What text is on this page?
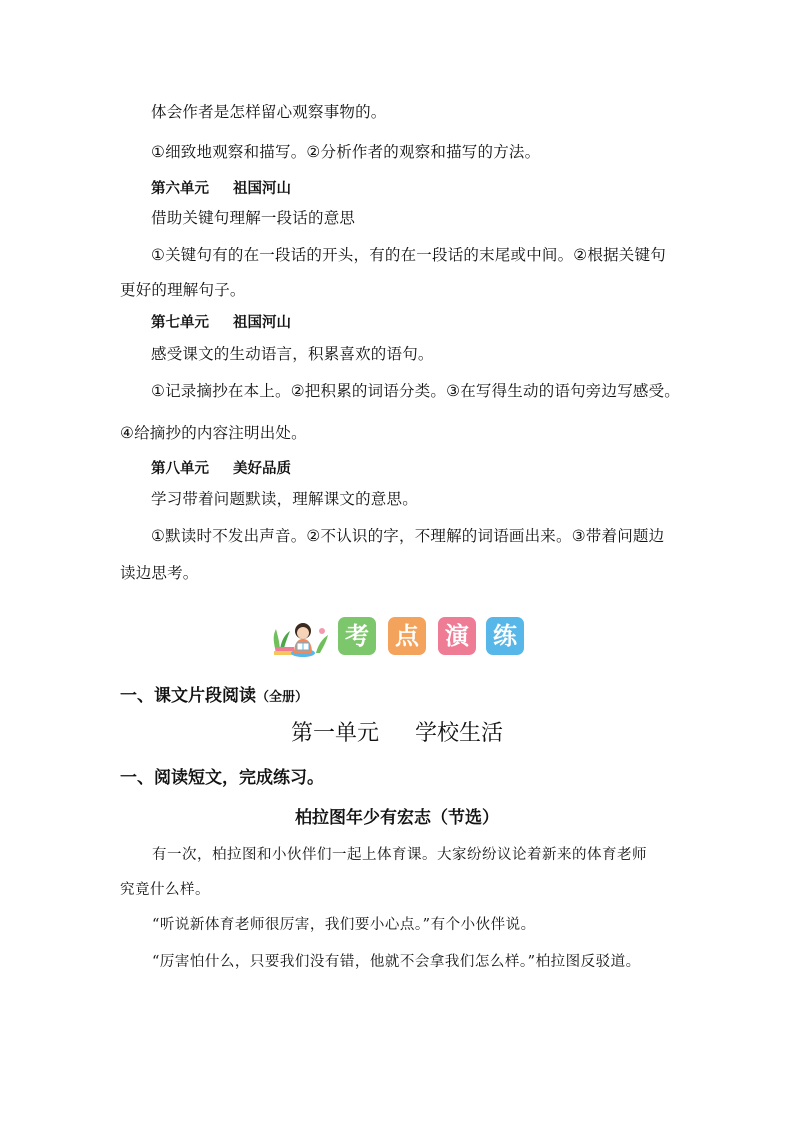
体会作者是怎样留心观察事物的。
①细致地观察和描写。②分析作者的观察和描写的方法。
第六单元 祖国河山
借助关键句理解一段话的意思
①关键句有的在一段话的开头，有的在一段话的末尾或中间。②根据关键句
更好的理解句子。
第七单元 祖国河山
感受课文的生动语言，积累喜欢的语句。
①记录摘抄在本上。②把积累的词语分类。③在写得生动的语句旁边写感受。
④给摘抄的内容注明出处。
第八单元 美好品质
学习带着问题默读，理解课文的意思。
①默读时不发出声音。②不认识的字，不理解的词语画出来。③带着问题边
读边思考。
考 点 演 练
一、课文片段阅读（全册）
第一单元 学校生活
一、阅读短文，完成练习。
柏拉图年少有宏志（节选）
有一次，柏拉图和小伙伴们一起上体育课。大家纷纷议论着新来的体育老师
究竟什么样。
“听说新体育老师很厉害，我们要小心点。”有个小伙伴说。
“厉害怕什么，只要我们没有错，他就不会拿我们怎么样。”柏拉图反驳道。
